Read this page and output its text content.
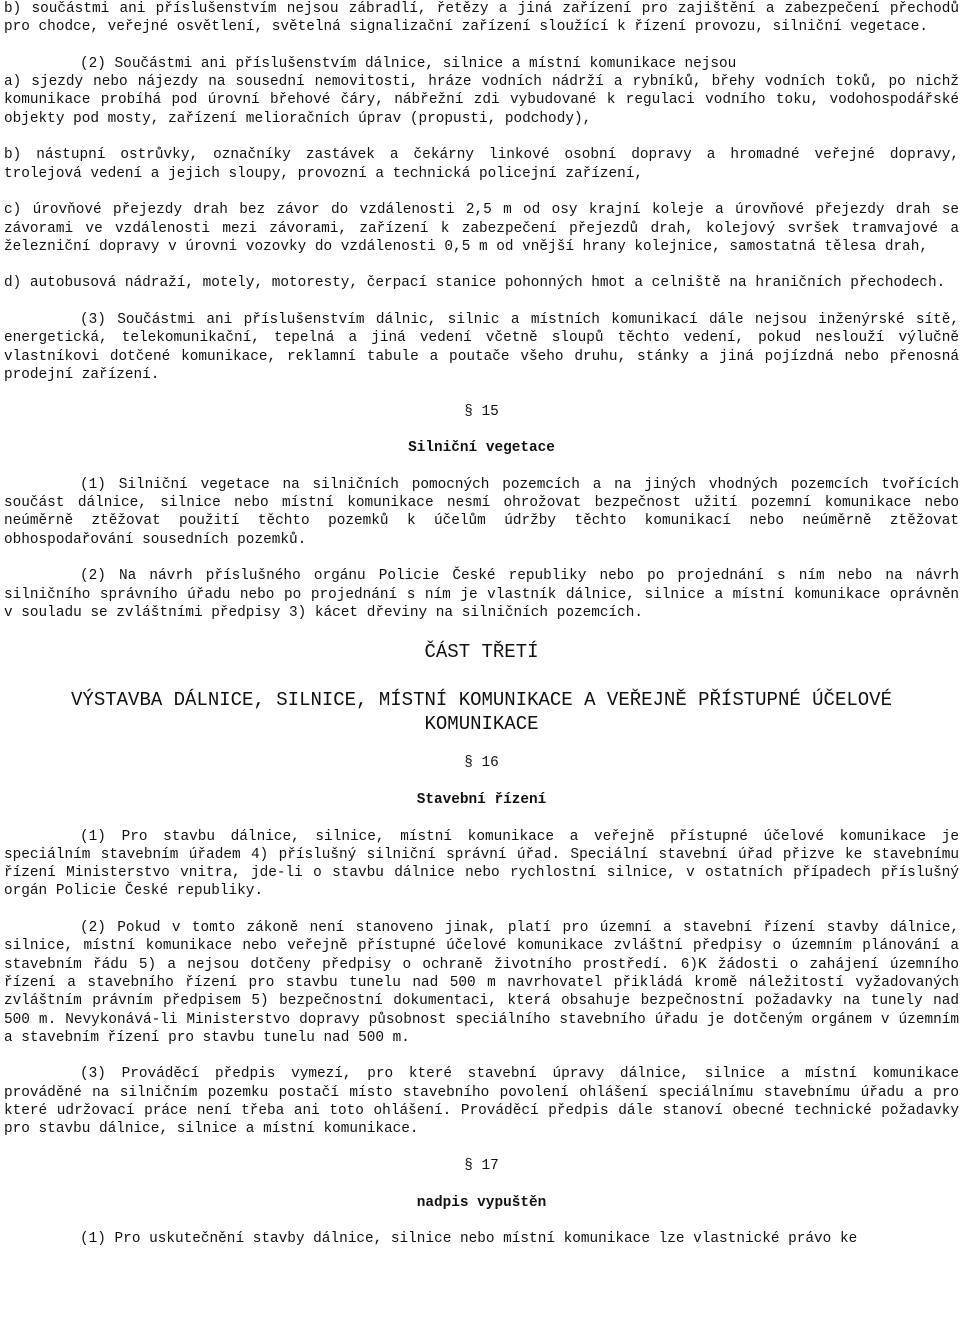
b) součástmi ani příslušenstvím nejsou zábradlí, řetězy a jiná zařízení pro zajištění a zabezpečení přechodů pro chodce, veřejné osvětlení, světelná signalizační zařízení sloužící k řízení provozu, silniční vegetace.

(2) Součástmi ani příslušenstvím dálnice, silnice a místní komunikace nejsou

a) sjezdy nebo nájezdy na sousední nemovitosti, hráze vodních nádrží a rybníků, břehy vodních toků, po nichž komunikace probíhá pod úrovní břehové čáry, nábřežní zdi vybudované k regulaci vodního toku, vodohospodářské objekty pod mosty, zařízení melioračních úprav (propusti, podchody),

b) nástupní ostrůvky, označníky zastávek a čekárny linkové osobní dopravy a hromadné veřejné dopravy, trolejová vedení a jejich sloupy, provozní a technická policejní zařízení,

c) úrovňové přejezdy drah bez závor do vzdálenosti 2,5 m od osy krajní koleje a úrovňové přejezdy drah se závorami ve vzdálenosti mezi závorami, zařízení k zabezpečení přejezdů drah, kolejový svršek tramvajové a železniční dopravy v úrovni vozovky do vzdálenosti 0,5 m od vnější hrany kolejnice, samostatná tělesa drah,

d) autobusová nádraží, motely, motoresty, čerpací stanice pohonných hmot a celniště na hraničních přechodech.

(3) Součástmi ani příslušenstvím dálnic, silnic a místních komunikací dále nejsou inženýrské sítě, energetická, telekomunikační, tepelná a jiná vedení včetně sloupů těchto vedení, pokud neslouží výlučně vlastníkovi dotčené komunikace, reklamní tabule a poutače všeho druhu, stánky a jiná pojízdná nebo přenosná prodejní zařízení.

§ 15

Silniční vegetace

(1) Silniční vegetace na silničních pomocných pozemcích a na jiných vhodných pozemcích tvořících součást dálnice, silnice nebo místní komunikace nesmí ohrožovat bezpečnost užití pozemní komunikace nebo neúměrně ztěžovat použití těchto pozemků k účelům údržby těchto komunikací nebo neúměrně ztěžovat obhospodařování sousedních pozemků.

(2) Na návrh příslušného orgánu Policie České republiky nebo po projednání s ním nebo na návrh silničního správního úřadu nebo po projednání s ním je vlastník dálnice, silnice a místní komunikace oprávněn v souladu se zvláštními předpisy 3) kácet dřeviny na silničních pozemcích.

ČÁST TŘETÍ

VÝSTAVBA DÁLNICE, SILNICE, MÍSTNÍ KOMUNIKACE A VEŘEJNĚ PŘÍSTUPNÉ ÚČELOVÉ KOMUNIKACE

§ 16

Stavební řízení

(1) Pro stavbu dálnice, silnice, místní komunikace a veřejně přístupné účelové komunikace je speciálním stavebním úřadem 4) příslušný silniční správní úřad. Speciální stavební úřad přizve ke stavebnímu řízení Ministerstvo vnitra, jde-li o stavbu dálnice nebo rychlostní silnice, v ostatních případech příslušný orgán Policie České republiky.

(2) Pokud v tomto zákoně není stanoveno jinak, platí pro územní a stavební řízení stavby dálnice, silnice, místní komunikace nebo veřejně přístupné účelové komunikace zvláštní předpisy o územním plánování a stavebním řádu 5) a nejsou dotčeny předpisy o ochraně životního prostředí. 6)K žádosti o zahájení územního řízení a stavebního řízení pro stavbu tunelu nad 500 m navrhovatel přikládá kromě náležitostí vyžadovaných zvláštním právním předpisem 5) bezpečnostní dokumentaci, která obsahuje bezpečnostní požadavky na tunely nad 500 m. Nevykonává-li Ministerstvo dopravy působnost speciálního stavebního úřadu je dotčeným orgánem v územním a stavebním řízení pro stavbu tunelu nad 500 m.

(3) Prováděcí předpis vymezí, pro které stavební úpravy dálnice, silnice a místní komunikace prováděné na silničním pozemku postačí místo stavebního povolení ohlášení speciálnímu stavebnímu úřadu a pro které udržovací práce není třeba ani toto ohlášení. Prováděcí předpis dále stanoví obecné technické požadavky pro stavbu dálnice, silnice a místní komunikace.

§ 17

nadpis vypuštěn

(1) Pro uskutečnění stavby dálnice, silnice nebo místní komunikace lze vlastnické právo ke
